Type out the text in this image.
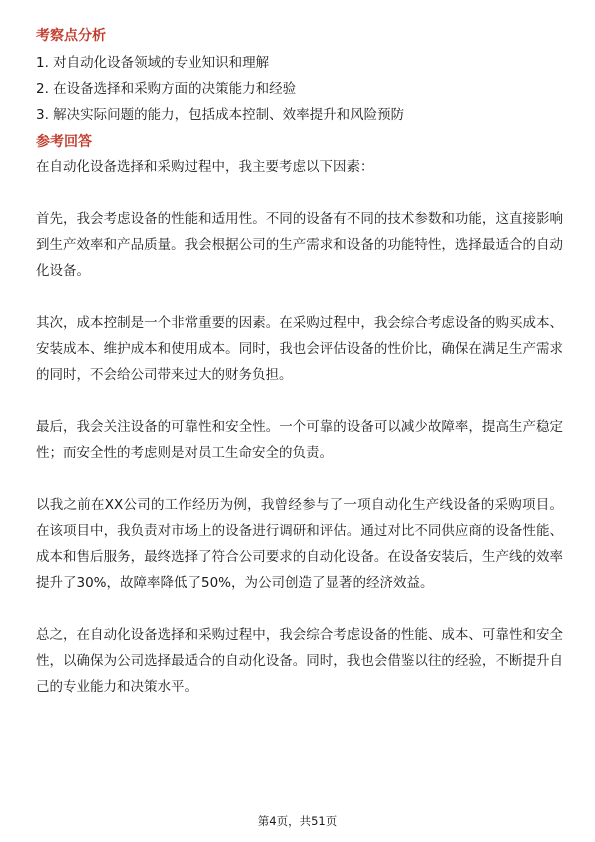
考察点分析

1. 对自动化设备领域的专业知识和理解
2. 在设备选择和采购方面的决策能力和经验
3. 解决实际问题的能力，包括成本控制、效率提升和风险预防

参考回答

在自动化设备选择和采购过程中，我主要考虑以下因素：

首先，我会考虑设备的性能和适用性。不同的设备有不同的技术参数和功能，这直接影响到生产效率和产品质量。我会根据公司的生产需求和设备的功能特性，选择最适合的自动化设备。

其次，成本控制是一个非常重要的因素。在采购过程中，我会综合考虑设备的购买成本、安装成本、维护成本和使用成本。同时，我也会评估设备的性价比，确保在满足生产需求的同时，不会给公司带来过大的财务负担。

最后，我会关注设备的可靠性和安全性。一个可靠的设备可以减少故障率，提高生产稳定性；而安全性的考虑则是对员工生命安全的负责。

以我之前在XX公司的工作经历为例，我曾经参与了一项自动化生产线设备的采购项目。在该项目中，我负责对市场上的设备进行调研和评估。通过对比不同供应商的设备性能、成本和售后服务，最终选择了符合公司要求的自动化设备。在设备安装后，生产线的效率提升了30%，故障率降低了50%，为公司创造了显著的经济效益。

总之，在自动化设备选择和采购过程中，我会综合考虑设备的性能、成本、可靠性和安全性，以确保为公司选择最适合的自动化设备。同时，我也会借鉴以往的经验，不断提升自己的专业能力和决策水平。

第4页，共51页
